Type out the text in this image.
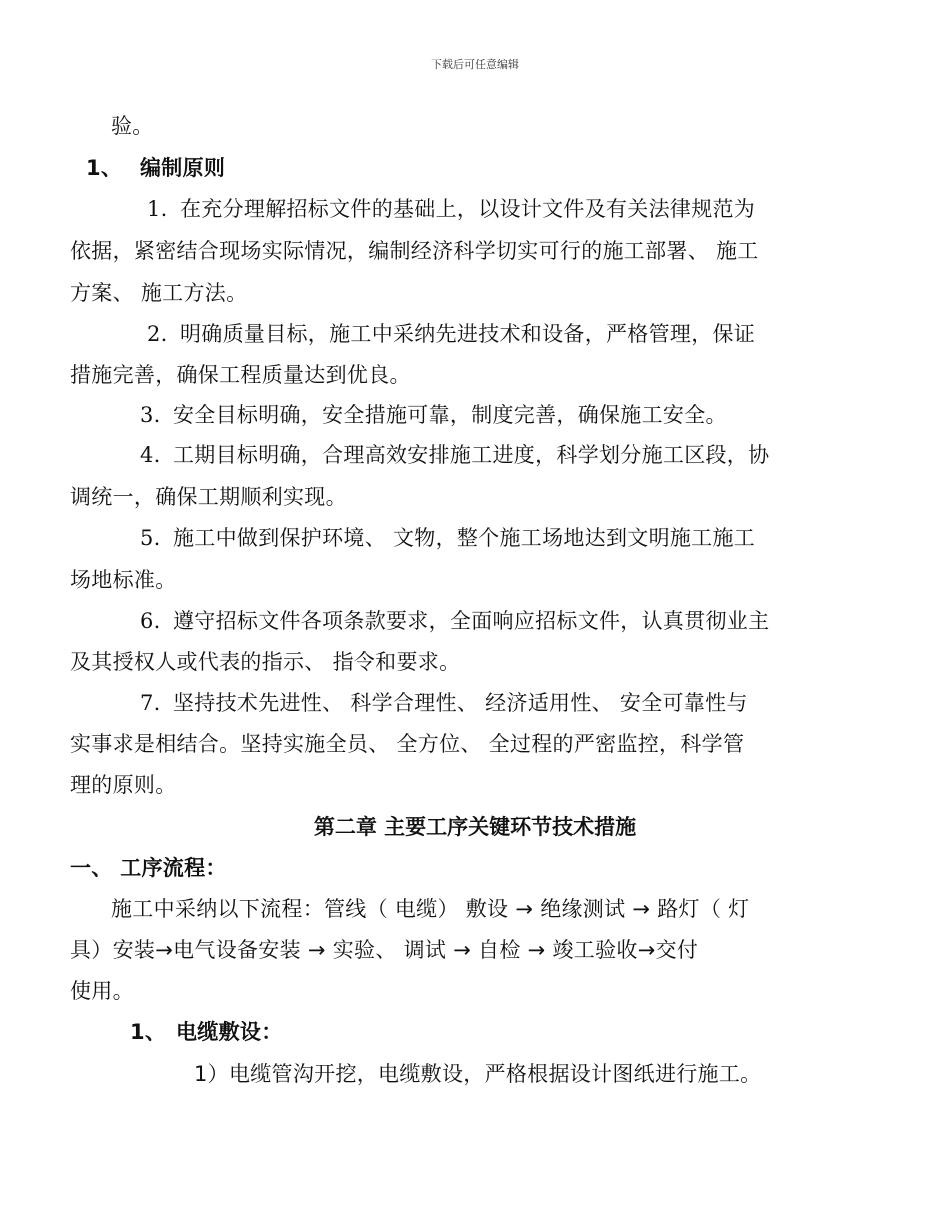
下载后可任意编辑
验。
1、 编制原则
1. 在充分理解招标文件的基础上，以设计文件及有关法律规范为
依据，紧密结合现场实际情况，编制经济科学切实可行的施工部署、 施工
方案、 施工方法。
2. 明确质量目标，施工中采纳先进技术和设备，严格管理，保证
措施完善，确保工程质量达到优良。
3. 安全目标明确，安全措施可靠，制度完善，确保施工安全。
4. 工期目标明确，合理高效安排施工进度，科学划分施工区段，协
调统一，确保工期顺利实现。
5. 施工中做到保护环境、 文物，整个施工场地达到文明施工施工
场地标准。
6. 遵守招标文件各项条款要求，全面响应招标文件，认真贯彻业主
及其授权人或代表的指示、 指令和要求。
7. 坚持技术先进性、 科学合理性、 经济适用性、 安全可靠性与
实事求是相结合。坚持实施全员、 全方位、 全过程的严密监控，科学管
理的原则。
第二章 主要工序关键环节技术措施
一、 工序流程：
施工中采纳以下流程：管线（ 电缆） 敷设 → 绝缘测试 → 路灯（ 灯
具）安装→电气设备安装 → 实验、 调试 → 自检 → 竣工验收→交付
使用。
1、 电缆敷设：
1）电缆管沟开挖，电缆敷设，严格根据设计图纸进行施工。
